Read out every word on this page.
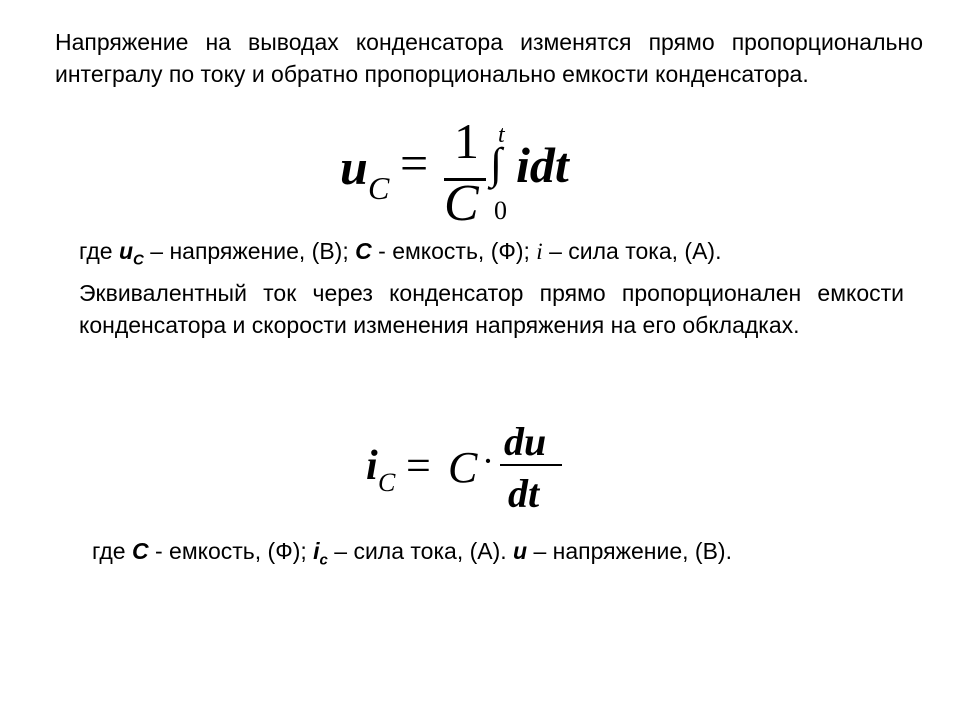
Напряжение на выводах конденсатора изменятся прямо пропорционально интегралу по току и обратно пропорционально емкости конденсатора.

u C = 1
C
∫
t
0
idt

где $u_C$ – напряжение, (В); C - емкость, (Ф); i – сила тока, (А).
Эквивалентный ток через конденсатор прямо пропорционален емкости конденсатора и скорости изменения напряжения на его обкладках.

i C = C · du
dt

где C - емкость, (Ф); $i_c$ – сила тока, (А). u – напряжение, (В).
